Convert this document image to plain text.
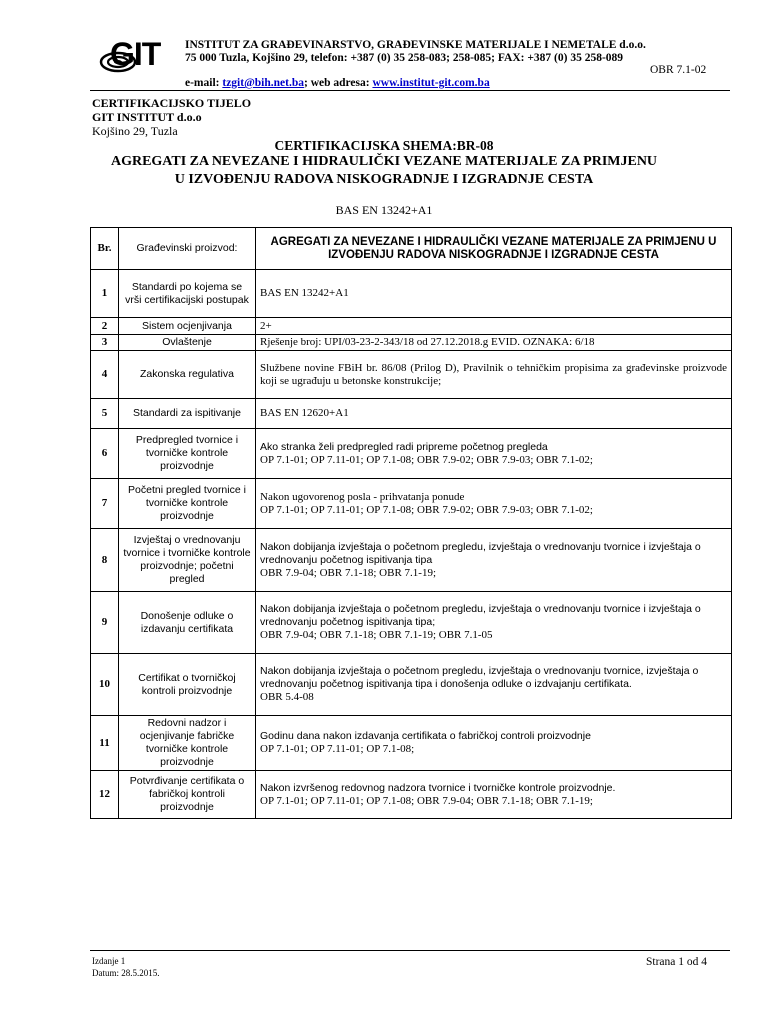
GIT INSTITUT ZA GRAĐEVINARSTVO, GRAĐEVINSKE MATERIJALE I NEMETALE d.o.o.
75 000 Tuzla, Kojšino 29, telefon: +387 (0) 35 258-083; 258-085; FAX: +387 (0) 35 258-089
OBR 7.1-02
e-mail: tzgit@bih.net.ba; web adresa: www.institut-git.com.ba
CERTIFIKACIJSKO TIJELO
GIT INSTITUT d.o.o
Kojšino 29, Tuzla
CERTIFIKACIJSKA SHEMA:BR-08
AGREGATI ZA NEVEZANE I HIDRAULIČKI VEZANE MATERIJALE ZA PRIMJENU
U IZVOĐENJU RADOVA NISKOGRADNJE I IZGRADNJE CESTA
BAS EN 13242+A1
Br.	Građevinski proizvod:	AGREGATI ZA NEVEZANE I HIDRAULIČKI VEZANE MATERIJALE ZA PRIMJENU U IZVOĐENJU RADOVA NISKOGRADNJE I IZGRADNJE CESTA
1	Standardi po kojema se vrši certifikacijski postupak	BAS EN 13242+A1

2	Sistem ocjenjivanja	2+

3	Ovlaštenje	Rješenje broj: UPI/03-23-2-343/18 od 27.12.2018.g EVID. OZNAKA: 6/18

4	Zakonska regulativa	Službene novine FBiH br. 86/08 (Prilog D), Pravilnik o tehničkim propisima za građevinske proizvode koji se ugrađuju u betonske konstrukcije;

5	Standardi za ispitivanje	BAS EN 12620+A1

6	Predpregled tvornice i tvorničke kontrole proizvodnje	Ako stranka želi predpregled radi pripreme početnog pregleda
OP 7.1-01; OP 7.11-01; OP 7.1-08; OBR 7.9-02; OBR 7.9-03; OBR 7.1-02;

7	Početni pregled tvornice i tvorničke kontrole proizvodnje	Nakon ugovorenog posla - prihvatanja ponude
OP 7.1-01; OP 7.11-01; OP 7.1-08; OBR 7.9-02; OBR 7.9-03; OBR 7.1-02;

8	Izvještaj o vrednovanju tvornice i tvorničke kontrole proizvodnje; početni pregled	Nakon dobijanja izvještaja o početnom pregledu, izvještaja o vrednovanju tvornice i izvještaja o vrednovanju početnog ispitivanja tipa
OBR 7.9-04; OBR 7.1-18; OBR 7.1-19;

9	Donošenje odluke o izdavanju certifikata	Nakon dobijanja izvještaja o početnom pregledu, izvještaja o vrednovanju tvornice i izvještaja o vrednovanju početnog ispitivanja tipa;
OBR 7.9-04; OBR 7.1-18; OBR 7.1-19; OBR 7.1-05

10	Certifikat o tvorničkoj kontroli proizvodnje	Nakon dobijanja izvještaja o početnom pregledu, izvještaja o vrednovanju tvornice, izvještaja o vrednovanju početnog ispitivanja tipa i donošenja odluke o izdvajanju certifikata.
OBR 5.4-08

11	Redovni nadzor i ocjenjivanje fabričke tvorničke kontrole proizvodnje	Godinu dana nakon izdavanja certifikata o fabričkoj controli proizvodnje
OP 7.1-01; OP 7.11-01; OP 7.1-08;

12	Potvrđivanje certifikata o fabričkoj kontroli proizvodnje	Nakon izvršenog redovnog nadzora tvornice i tvorničke kontrole proizvodnje.
OP 7.1-01; OP 7.11-01; OP 7.1-08; OBR 7.9-04; OBR 7.1-18; OBR 7.1-19;
Izdanje 1
Datum: 28.5.2015.
Strana 1 od 4
